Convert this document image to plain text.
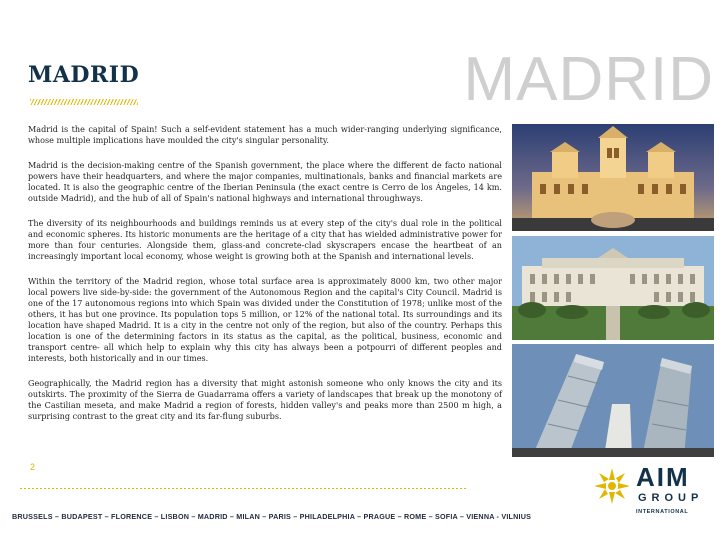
MADRID	MADRID

Madrid is the capital of Spain! Such a self-evident statement has a much wider-ranging underlying significance, whose multiple implications have moulded the city's singular personality.

Madrid is the decision-making centre of the Spanish government, the place where the different de facto national powers have their headquarters, and where the major companies, multinationals, banks and financial markets are located. It is also the geographic centre of the Iberian Peninsula (the exact centre is Cerro de los Ángeles, 14 km. outside Madrid), and the hub of all of Spain's national highways and international throughways.

The diversity of its neighbourhoods and buildings reminds us at every step of the city's dual role in the political and economic spheres. Its historic monuments are the heritage of a city that has wielded administrative power for more than four centuries. Alongside them, glass-and concrete-clad skyscrapers encase the heartbeat of an increasingly important local economy, whose weight is growing both at the Spanish and international levels.

Within the territory of the Madrid region, whose total surface area is approximately 8000 km, two other major local powers live side-by-side: the government of the Autonomous Region and the capital's City Council. Madrid is one of the 17 autonomous regions into which Spain was divided under the Constitution of 1978; unlike most of the others, it has but one province. Its population tops 5 million, or 12% of the national total. Its surroundings and its location have shaped Madrid. It is a city in the centre not only of the region, but also of the country. Perhaps this location is one of the determining factors in its status as the capital, as the political, business, economic and transport centre- all which help to explain why this city has always been a potpourri of different peoples and interests, both historically and in our times.

Geographically, the Madrid region has a diversity that might astonish someone who only knows the city and its outskirts. The proximity of the Sierra de Guadarrama offers a variety of landscapes that break up the monotony of the Castilian meseta, and make Madrid a region of forests, hidden valley's and peaks more than 2500 m high, a surprising contrast to the great city and its far-flung suburbs.

2
BRUSSELS – BUDAPEST – FLORENCE – LISBON – MADRID – MILAN – PARIS – PHILADELPHIA – PRAGUE – ROME – SOFIA – VIENNA - VILNIUS
AIM
GROUP
INTERNATIONAL
